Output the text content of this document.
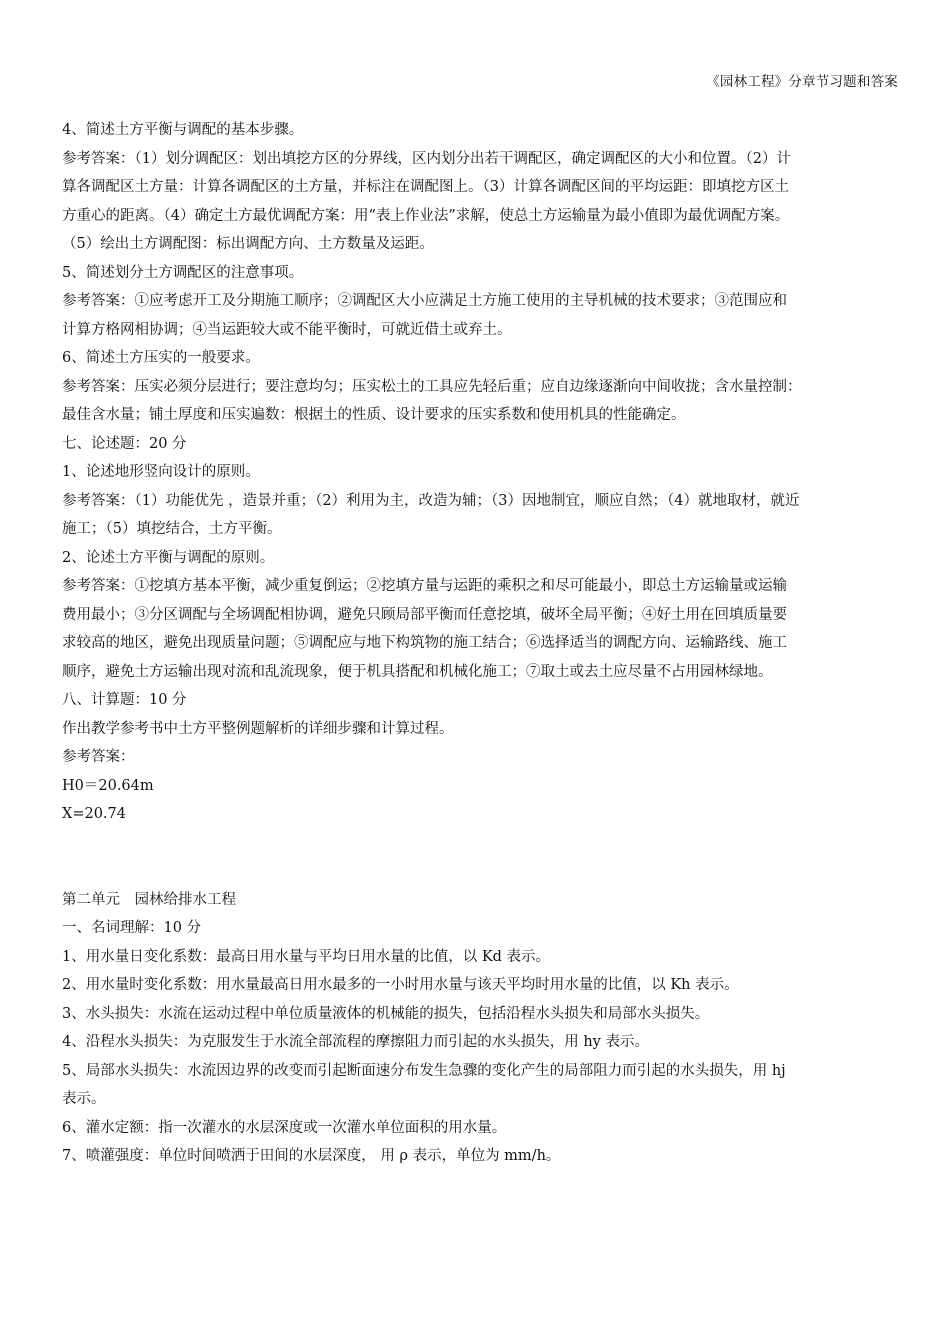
《园林工程》分章节习题和答案

4、简述土方平衡与调配的基本步骤。

参考答案：（1）划分调配区：划出填挖方区的分界线，区内划分出若干调配区，确定调配区的大小和位置。（2）计

算各调配区土方量：计算各调配区的土方量，并标注在调配图上。（3）计算各调配区间的平均运距：即填挖方区土

方重心的距离。（4）确定土方最优调配方案：用“表上作业法”求解，使总土方运输量为最小值即为最优调配方案。

（5）绘出土方调配图：标出调配方向、土方数量及运距。

5、简述划分土方调配区的注意事项。

参考答案：①应考虑开工及分期施工顺序；②调配区大小应满足土方施工使用的主导机械的技术要求；③范围应和

计算方格网相协调；④当运距较大或不能平衡时，可就近借土或弃土。

6、简述土方压实的一般要求。

参考答案：压实必须分层进行；要注意均匀；压实松土的工具应先轻后重；应自边缘逐渐向中间收拢；含水量控制：

最佳含水量；铺土厚度和压实遍数：根据土的性质、设计要求的压实系数和使用机具的性能确定。

七、论述题：20 分

1、论述地形竖向设计的原则。

参考答案：（1）功能优先 ，造景并重；（2）利用为主，改造为辅；（3）因地制宜，顺应自然；（4）就地取材，就近

施工；（5）填挖结合，土方平衡。

2、论述土方平衡与调配的原则。

参考答案：①挖填方基本平衡，减少重复倒运；②挖填方量与运距的乘积之和尽可能最小，即总土方运输量或运输

费用最小；③分区调配与全场调配相协调，避免只顾局部平衡而任意挖填，破坏全局平衡；④好土用在回填质量要

求较高的地区，避免出现质量问题；⑤调配应与地下构筑物的施工结合；⑥选择适当的调配方向、运输路线、施工

顺序，避免土方运输出现对流和乱流现象，便于机具搭配和机械化施工；⑦取土或去土应尽量不占用园林绿地。

八、计算题：10 分

作出教学参考书中土方平整例题解析的详细步骤和计算过程。

参考答案：

H0＝20.64m

X=20.74

第二单元　园林给排水工程

一、名词理解：10 分

1、用水量日变化系数：最高日用水量与平均日用水量的比值，以 Kd 表示。

2、用水量时变化系数：用水量最高日用水最多的一小时用水量与该天平均时用水量的比值，以 Kh 表示。

3、水头损失：水流在运动过程中单位质量液体的机械能的损失，包括沿程水头损失和局部水头损失。

4、沿程水头损失：为克服发生于水流全部流程的摩擦阻力而引起的水头损失，用 hy 表示。

5、局部水头损失：水流因边界的改变而引起断面速分布发生急骤的变化产生的局部阻力而引起的水头损失，用 hj

表示。

6、灌水定额：指一次灌水的水层深度或一次灌水单位面积的用水量。

7、喷灌强度：单位时间喷洒于田间的水层深度， 用 ρ 表示，单位为 mm/h。
